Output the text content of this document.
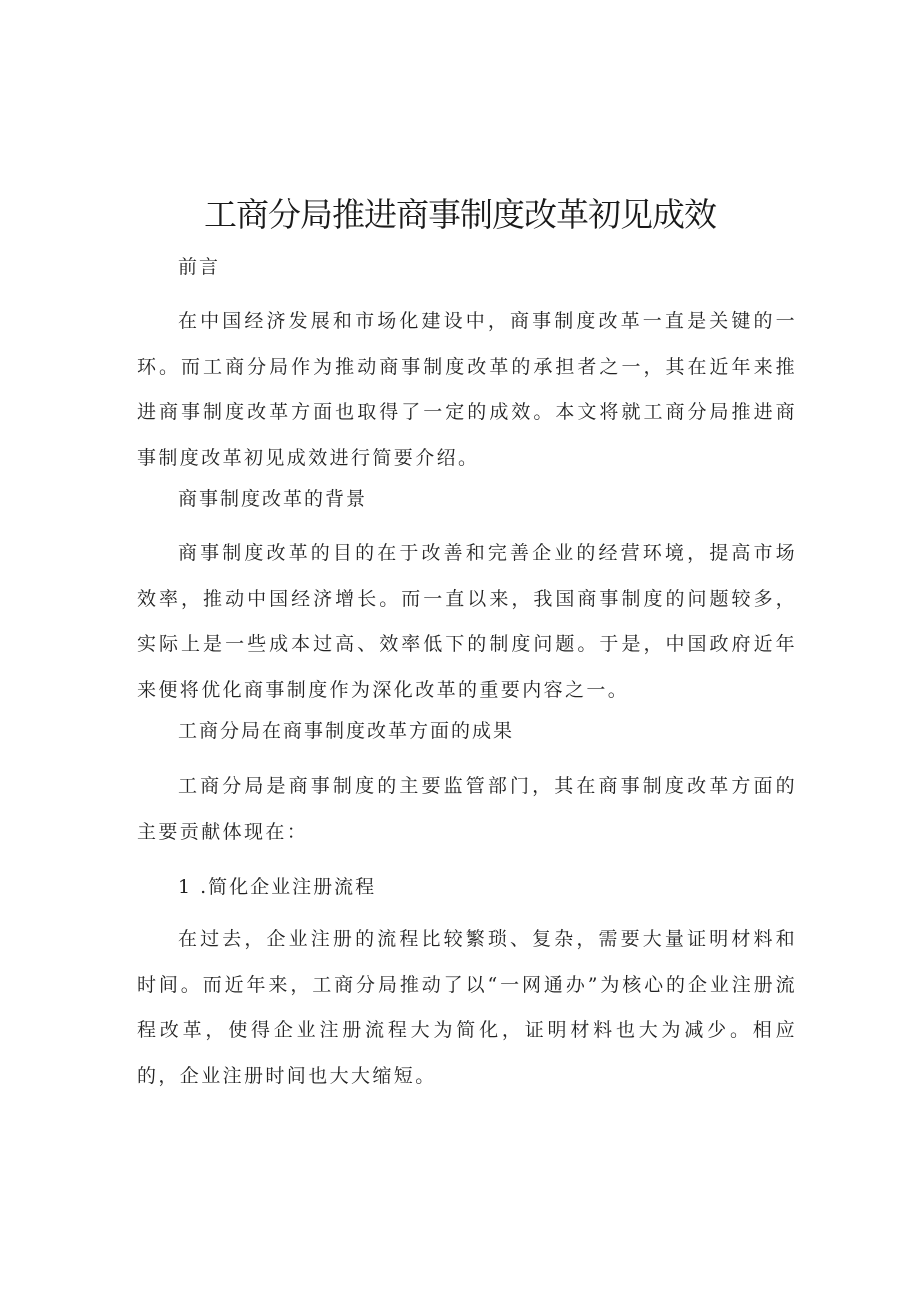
工商分局推进商事制度改革初见成效
前言
在中国经济发展和市场化建设中，商事制度改革一直是关键的一环。而工商分局作为推动商事制度改革的承担者之一，其在近年来推进商事制度改革方面也取得了一定的成效。本文将就工商分局推进商事制度改革初见成效进行简要介绍。
商事制度改革的背景
商事制度改革的目的在于改善和完善企业的经营环境，提高市场效率，推动中国经济增长。而一直以来，我国商事制度的问题较多，实际上是一些成本过高、效率低下的制度问题。于是，中国政府近年来便将优化商事制度作为深化改革的重要内容之一。
工商分局在商事制度改革方面的成果
工商分局是商事制度的主要监管部门，其在商事制度改革方面的主要贡献体现在：
1 .简化企业注册流程
在过去，企业注册的流程比较繁琐、复杂，需要大量证明材料和时间。而近年来，工商分局推动了以“一网通办”为核心的企业注册流程改革，使得企业注册流程大为简化，证明材料也大为减少。相应的，企业注册时间也大大缩短。
